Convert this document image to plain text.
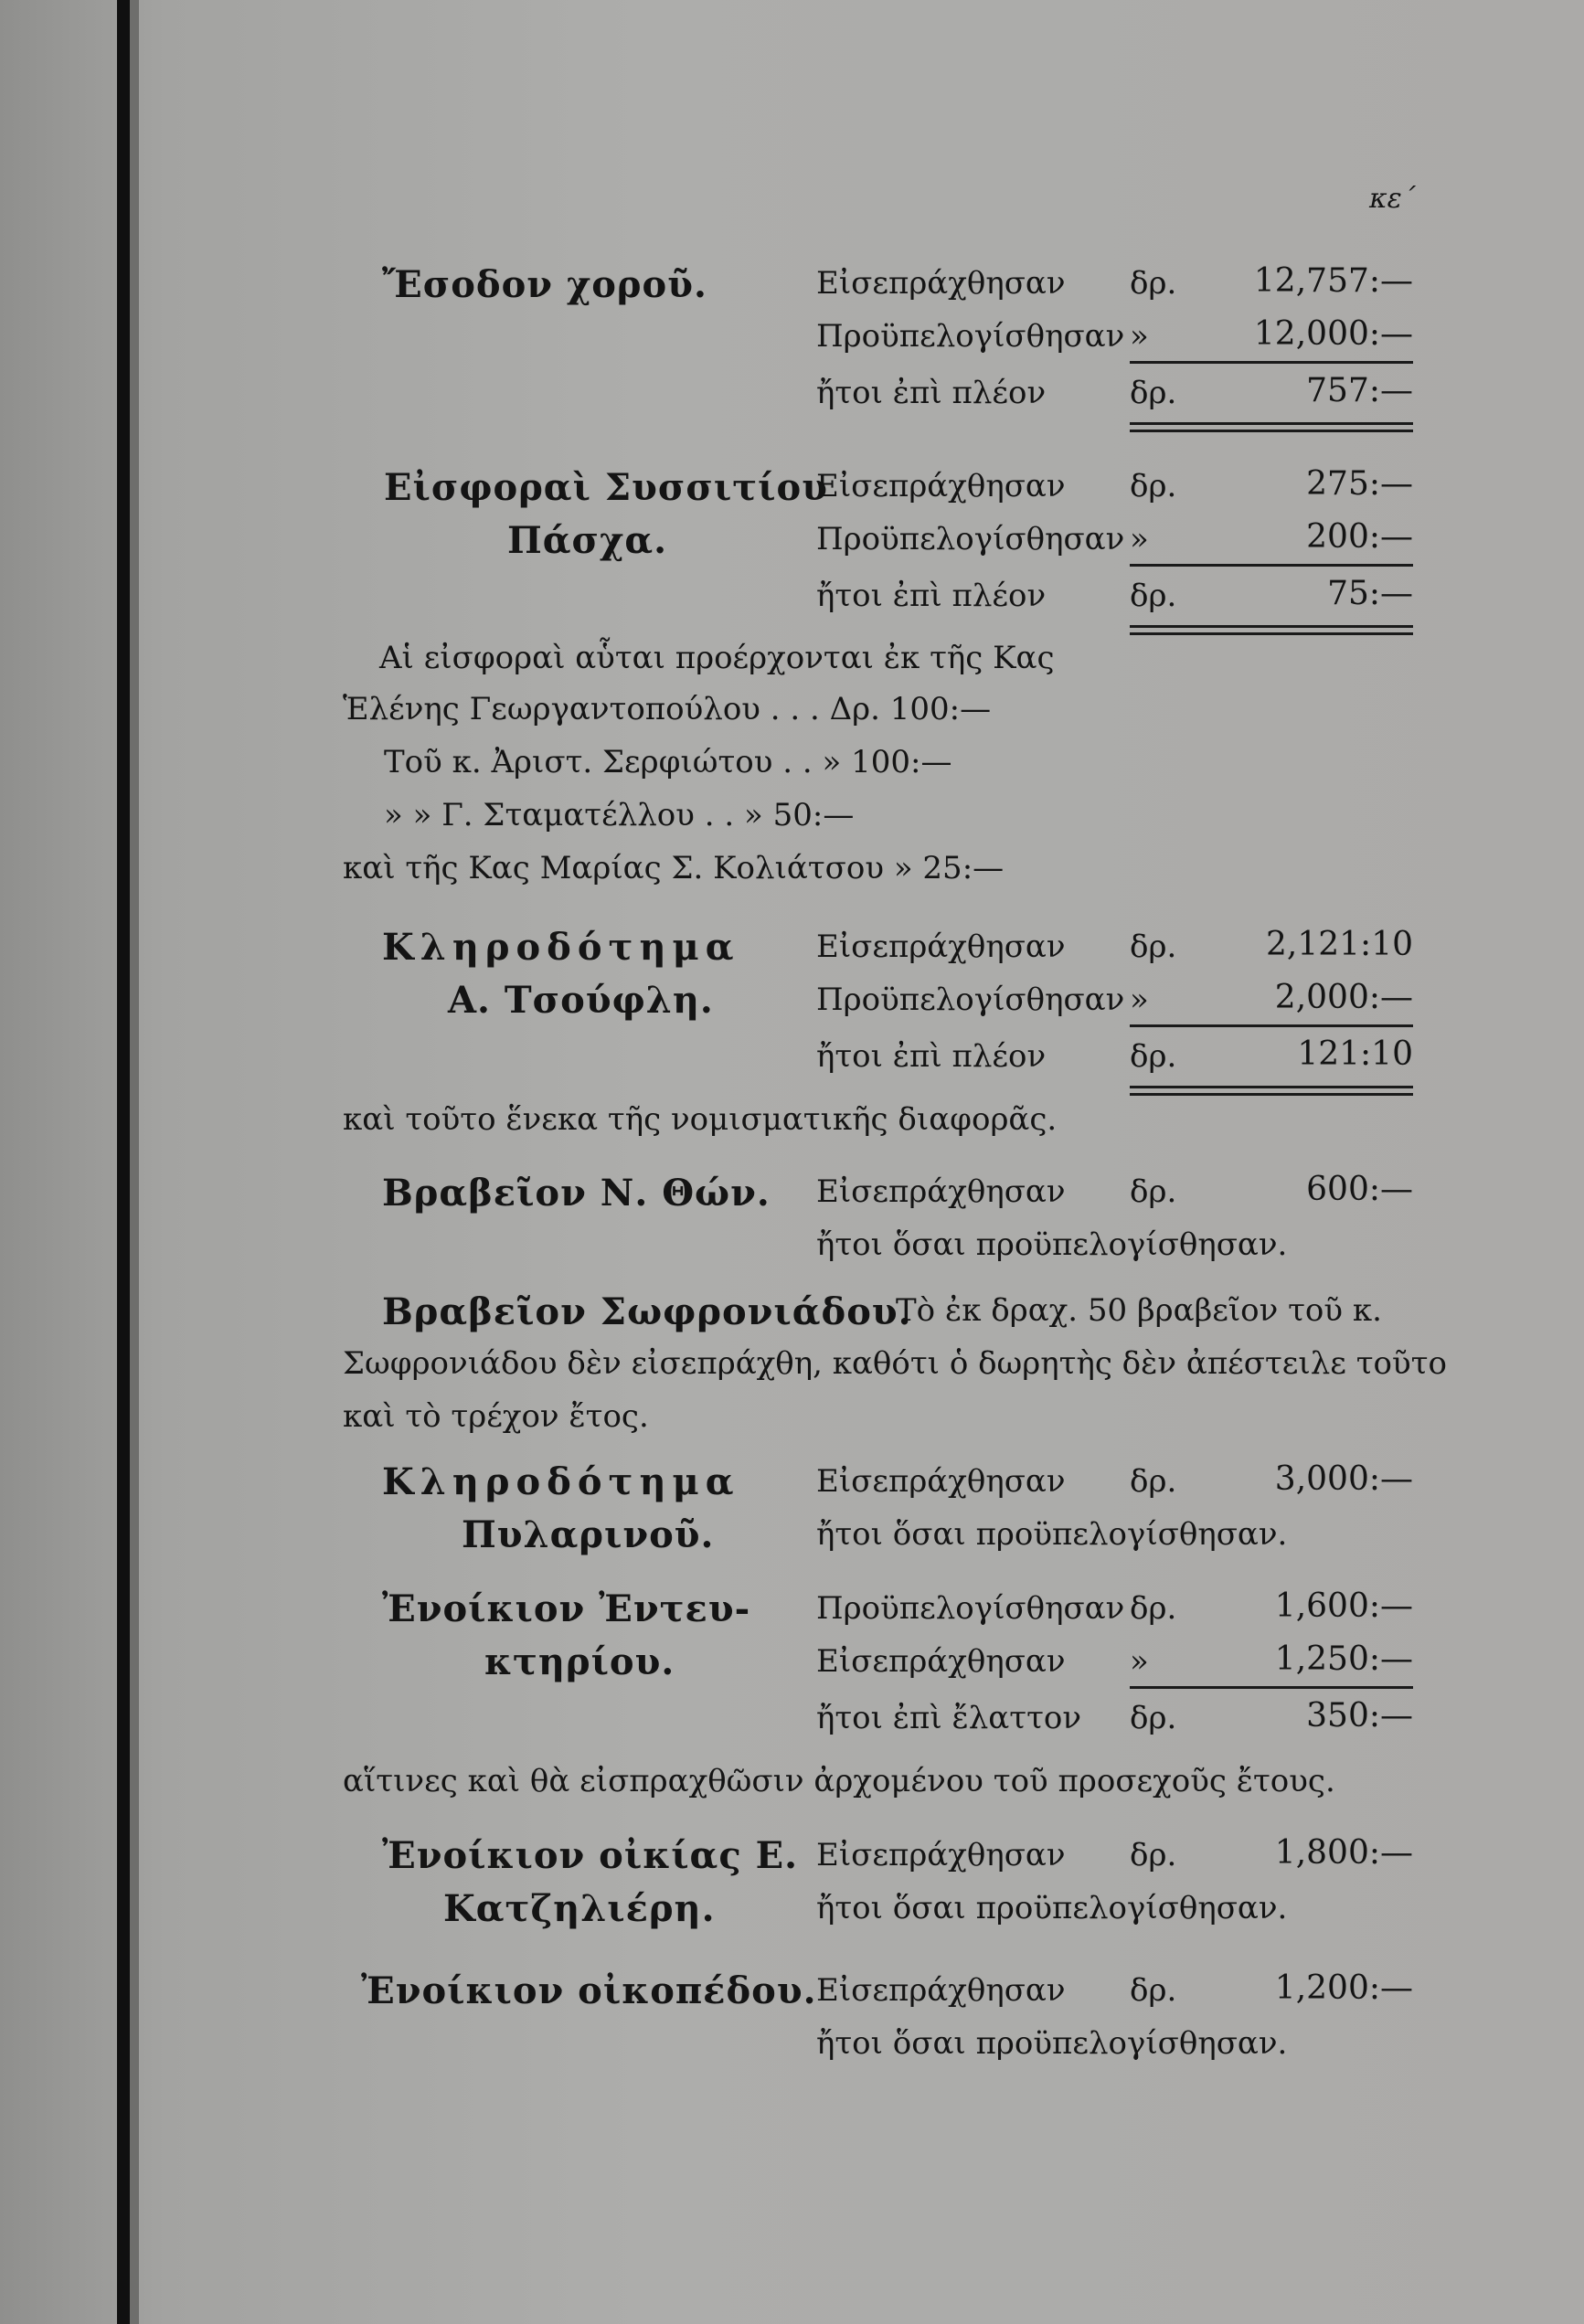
κε΄
Ἔσοδον χοροῦ.	Εἰσεπράχθησαν δρ. 12,757:—
Προϋπελογίσθησαν »	12,000:—
ἤτοι ἐπὶ πλέον	δρ.	757:—
Εἰσφοραὶ Συσσιτίου
Πάσχα.
Εἰσεπράχθησαν δρ.	275:—
Προϋπελογίσθησαν »	200:—
ἤτοι ἐπὶ πλέον	δρ.	75:—
Αἱ εἰσφοραὶ αὗται προέρχονται ἐκ τῆς Κας
Ἑλένης Γεωργαντοπούλου . . . Δρ. 100:—
Τοῦ κ. Ἀριστ. Σερφιώτου . . » 100:—
» » Γ. Σταματέλλου . . » 50:—
καὶ τῆς Κας Μαρίας Σ. Κολιάτσου » 25:—
Κληροδότημα
Α. Τσούφλη.
Εἰσεπράχθησαν δρ.	2,121:10
Προϋπελογίσθησαν »	2,000:—
ἤτοι ἐπὶ πλέον	δρ.	121:10
καὶ τοῦτο ἕνεκα τῆς νομισματικῆς διαφορᾶς.
Βραβεῖον Ν. Θών. Εἰσεπράχθησαν δρ.	600:—
ἤτοι ὅσαι προϋπελογίσθησαν.
Βραβεῖον Σωφρονιάδου.
Τὸ ἐκ δραχ. 50 βραβεῖον τοῦ κ.
Σωφρονιάδου δὲν εἰσεπράχθη, καθότι ὁ δωρητὴς δὲν ἀπέστειλε τοῦτο
καὶ τὸ τρέχον ἔτος.
Κληροδότημα
Πυλαρινοῦ.
Εἰσεπράχθησαν δρ.	3,000:—
ἤτοι ὅσαι προϋπελογίσθησαν.
Ἐνοίκιον Ἐντευ-
κτηρίου.
Προϋπελογίσθησαν δρ.	1,600:—
Εἰσεπράχθησαν »	1,250:—
ἤτοι ἐπὶ ἔλαττον δρ.	350:—
αἵτινες καὶ θὰ εἰσπραχθῶσιν ἀρχομένου τοῦ προσεχοῦς ἔτους.
Ἐνοίκιον οἰκίας Ε.
Κατζηλιέρη.
Εἰσεπράχθησαν δρ.	1,800:—
ἤτοι ὅσαι προϋπελογίσθησαν.
Ἐνοίκιον οἰκοπέδου. Εἰσεπράχθησαν δρ.	1,200:—
ἤτοι ὅσαι προϋπελογίσθησαν.
